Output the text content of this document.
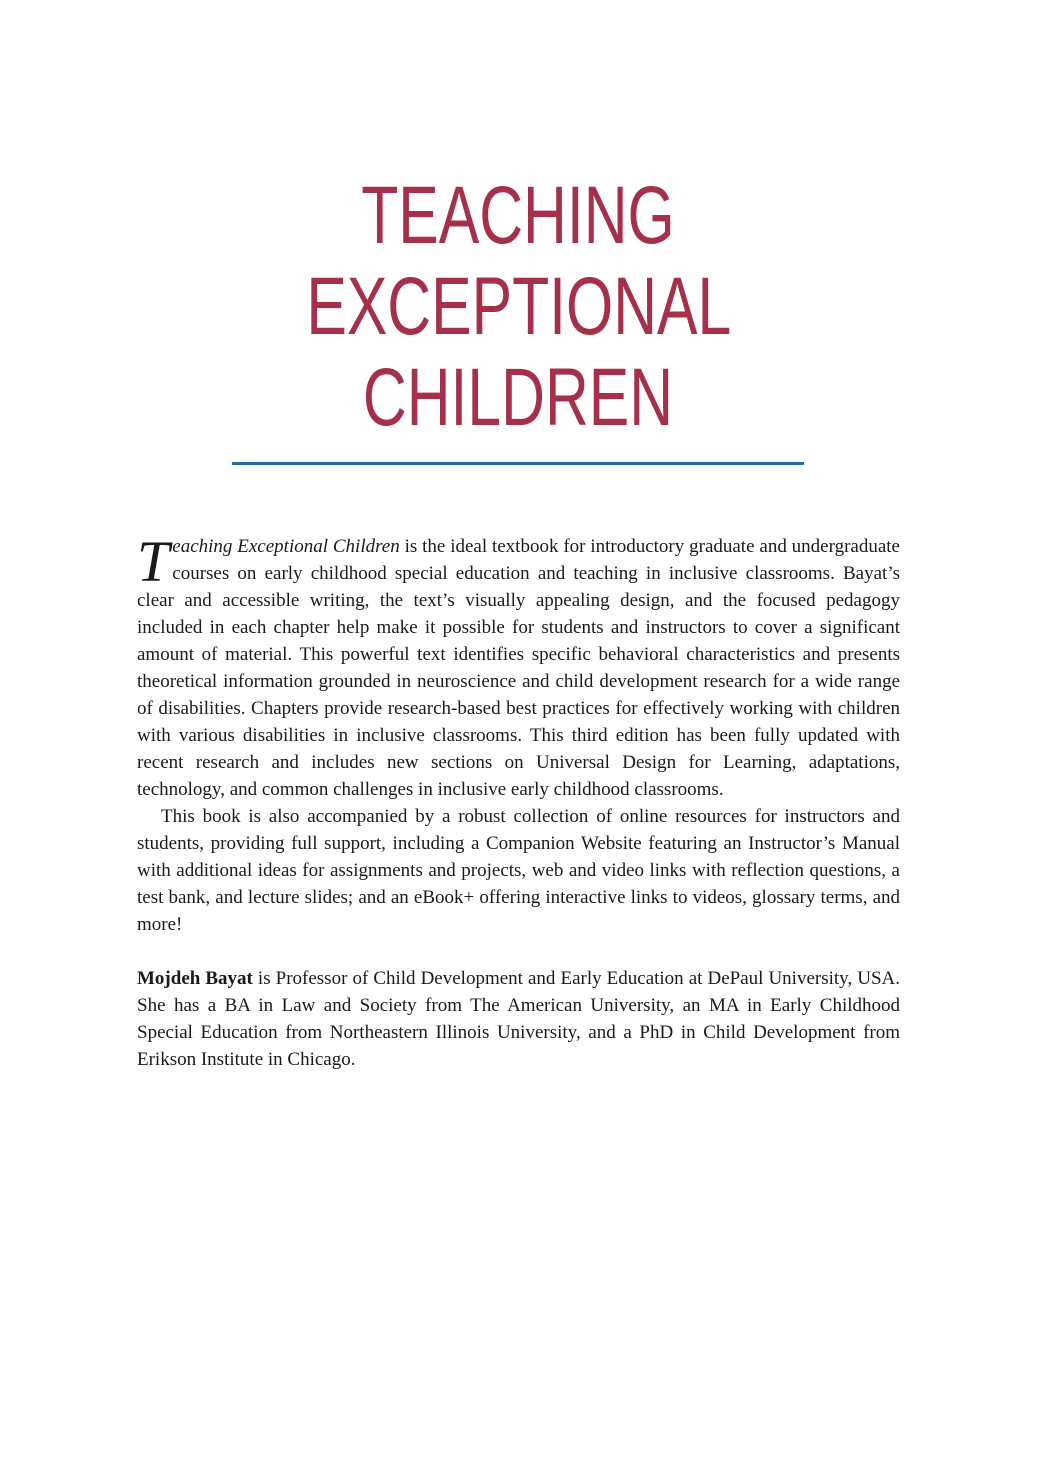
TEACHING
EXCEPTIONAL
CHILDREN

Teaching Exceptional Children is the ideal textbook for introductory graduate and undergraduate courses on early childhood special education and teaching in inclusive classrooms. Bayat’s clear and accessible writing, the text’s visually appealing design, and the focused pedagogy included in each chapter help make it possible for students and instructors to cover a significant amount of material. This powerful text identifies specific behavioral characteristics and presents theoretical information grounded in neuroscience and child development research for a wide range of disabilities. Chapters provide research-based best practices for effectively working with children with various disabilities in inclusive classrooms. This third edition has been fully updated with recent research and includes new sections on Universal Design for Learning, adaptations, technology, and common challenges in inclusive early childhood classrooms.

This book is also accompanied by a robust collection of online resources for instructors and students, providing full support, including a Companion Website featuring an Instructor’s Manual with additional ideas for assignments and projects, web and video links with reflection questions, a test bank, and lecture slides; and an eBook+ offering interactive links to videos, glossary terms, and more!

Mojdeh Bayat is Professor of Child Development and Early Education at DePaul University, USA. She has a BA in Law and Society from The American University, an MA in Early Childhood Special Education from Northeastern Illinois University, and a PhD in Child Development from Erikson Institute in Chicago.
